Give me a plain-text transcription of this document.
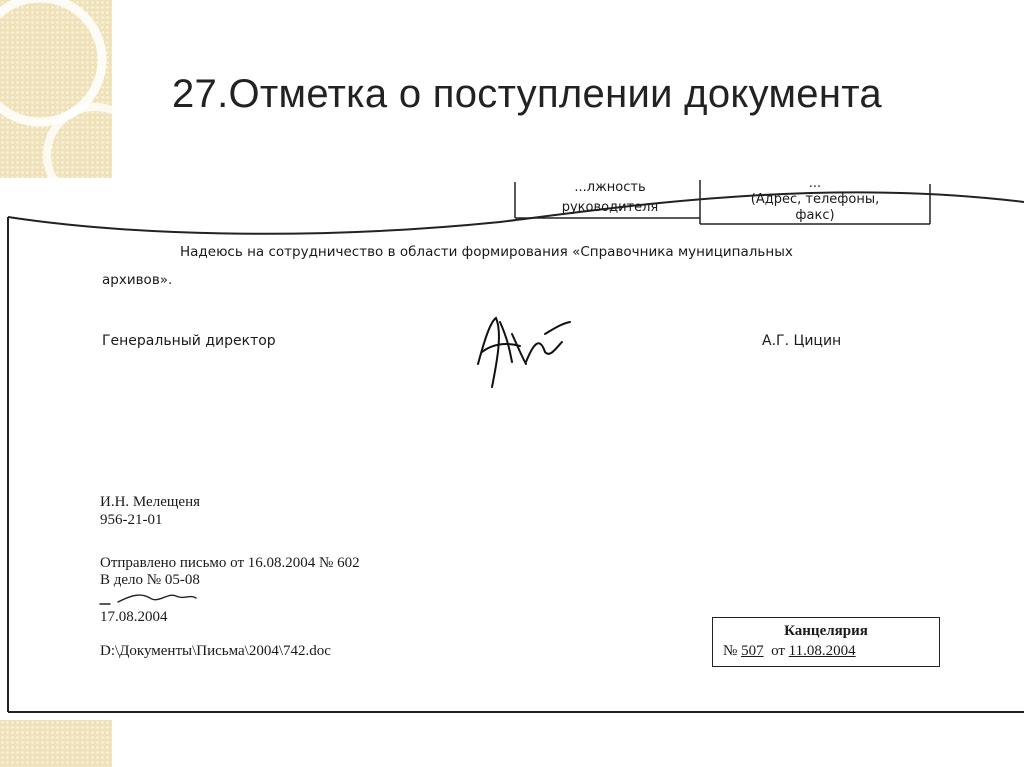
27.Отметка о поступлении документа
...лжность
руководителя
...
(Адрес, телефоны,
факс)
Надеюсь на сотрудничество в области формирования «Справочника муниципальных
архивов».
Генеральный директор	А.Г. Цицин
И.Н. Мелещеня
956-21-01
Отправлено письмо от 16.08.2004 № 602
В дело № 05-08
17.08.2004
D:\Документы\Письма\2004\742.doc
Канцелярия
№ 507 от 11.08.2004
